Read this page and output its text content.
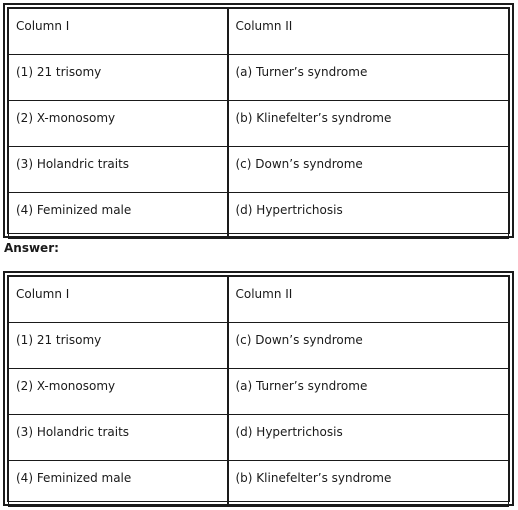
Column I	Column II
(1) 21 trisomy	(a) Turner’s syndrome
(2) X-monosomy	(b) Klinefelter’s syndrome
(3) Holandric traits	(c) Down’s syndrome
(4) Feminized male	(d) Hypertrichosis
Answer:
Column I	Column II
(1) 21 trisomy	(c) Down’s syndrome
(2) X-monosomy	(a) Turner’s syndrome
(3) Holandric traits	(d) Hypertrichosis
(4) Feminized male	(b) Klinefelter’s syndrome
